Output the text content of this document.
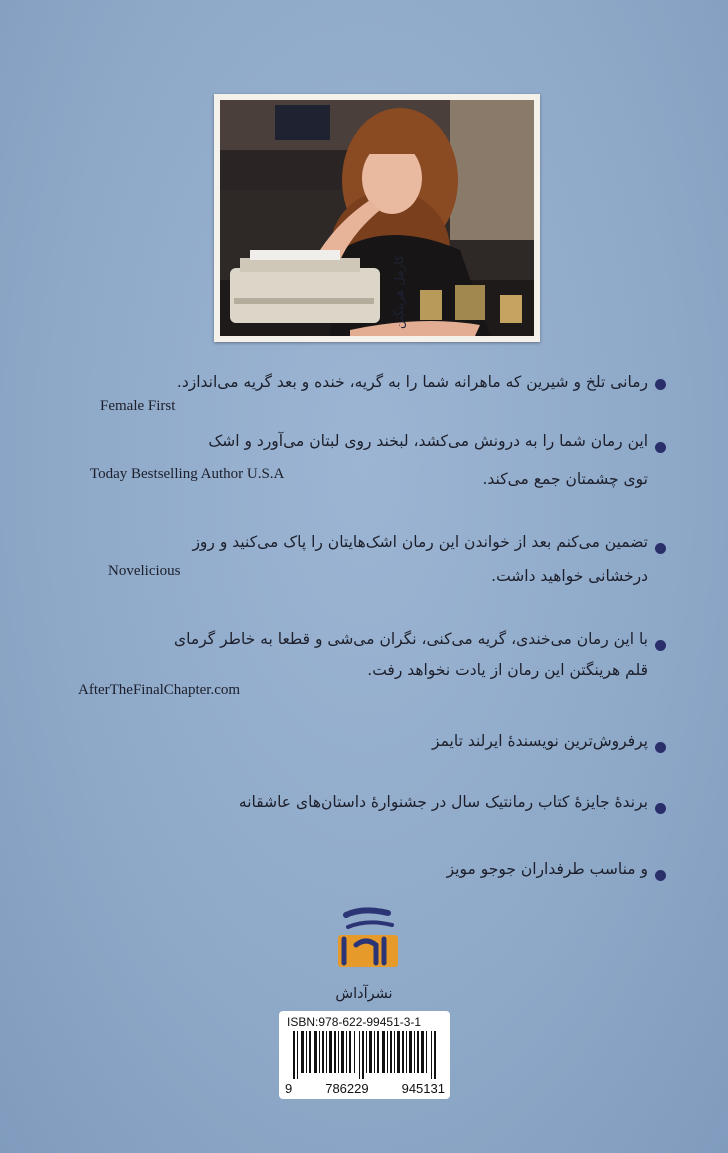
کارمل هرینگتن
رمانی تلخ و شیرین که ماهرانه شما را به گریه، خنده و بعد گریه می‌اندازد.
Female First
این رمان شما را به درونش می‌کشد، لبخند روی لبتان می‌آورد و اشک
Today Bestselling Author U.S.A	توی چشمتان جمع می‌کند.
تضمین می‌کنم بعد از خواندن این رمان اشک‌هایتان را پاک می‌کنید و روز
Novelicious	درخشانی خواهید داشت.
با این رمان می‌خندی، گریه می‌کنی، نگران می‌شی و قطعا به خاطر گرمای
قلم هرینگتن این رمان از یادت نخواهد رفت.
AfterTheFinalChapter.com
پرفروش‌ترین نویسندهٔ ایرلند تایمز
برندهٔ جایزهٔ کتاب رمانتیک سال در جشنوارهٔ داستان‌های عاشقانه
و مناسب طرفداران جوجو مویز
نشرآداش
ISBN:978-622-99451-3-1
9	786229	945131
